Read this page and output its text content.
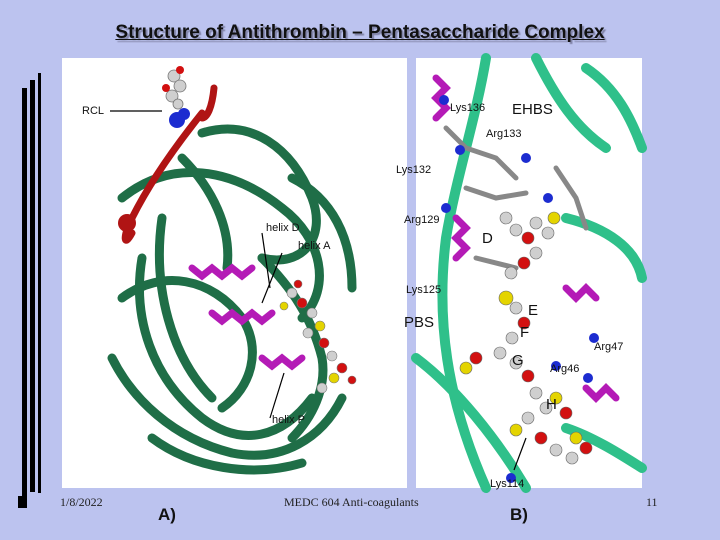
Structure of Antithrombin – Pentasaccharide Complex
RCL
helix D
helix A
helix P
Lys136 EHBS
Arg133
Lys132
Arg129
D
Lys125
E
PBS
F
Arg47
G Arg46
H
Lys114
1/8/2022
A)
MEDC 604 Anti-coagulants
B)
11
